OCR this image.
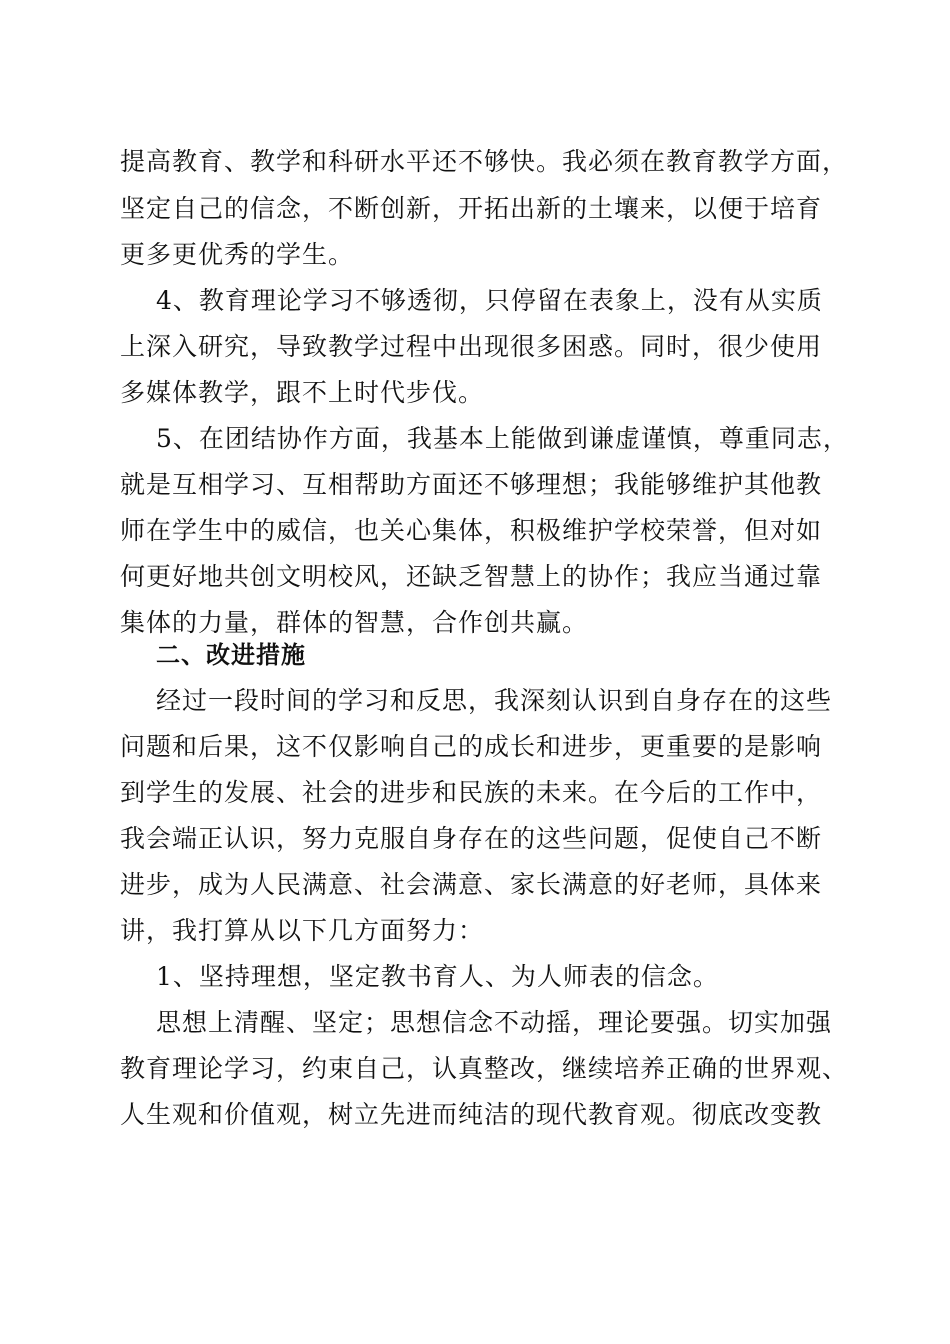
提高教育、教学和科研水平还不够快。我必须在教育教学方面，
坚定自己的信念，不断创新，开拓出新的土壤来，以便于培育
更多更优秀的学生。
4、教育理论学习不够透彻，只停留在表象上，没有从实质
上深入研究，导致教学过程中出现很多困惑。同时，很少使用
多媒体教学，跟不上时代步伐。
5、在团结协作方面，我基本上能做到谦虚谨慎，尊重同志，
就是互相学习、互相帮助方面还不够理想；我能够维护其他教
师在学生中的威信，也关心集体，积极维护学校荣誉，但对如
何更好地共创文明校风，还缺乏智慧上的协作；我应当通过靠
集体的力量，群体的智慧，合作创共赢。
二、改进措施
经过一段时间的学习和反思，我深刻认识到自身存在的这些
问题和后果，这不仅影响自己的成长和进步，更重要的是影响
到学生的发展、社会的进步和民族的未来。在今后的工作中，
我会端正认识，努力克服自身存在的这些问题，促使自己不断
进步，成为人民满意、社会满意、家长满意的好老师，具体来
讲，我打算从以下几方面努力：
1、坚持理想，坚定教书育人、为人师表的信念。
思想上清醒、坚定；思想信念不动摇，理论要强。切实加强
教育理论学习，约束自己，认真整改，继续培养正确的世界观、
人生观和价值观，树立先进而纯洁的现代教育观。彻底改变教
